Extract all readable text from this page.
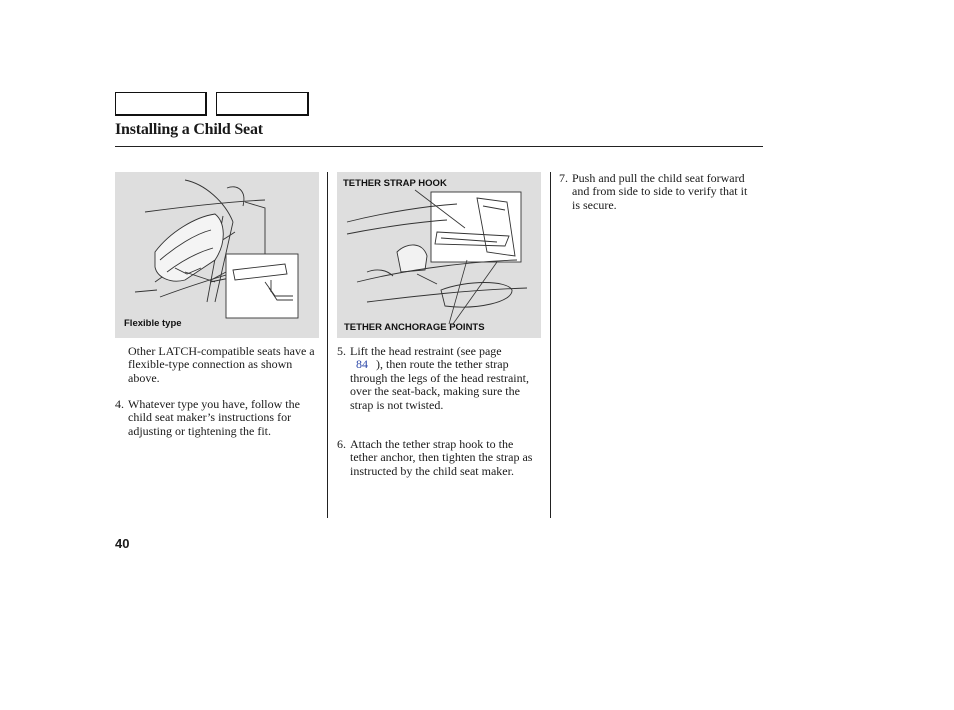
Installing a Child Seat
Flexible type
TETHER STRAP HOOK
TETHER ANCHORAGE POINTS
Other LATCH-compatible seats have a flexible-type connection as shown above.
4. Whatever type you have, follow the child seat maker’s instructions for adjusting or tightening the fit.
5. Lift the head restraint (see page
84 ), then route the tether strap through the legs of the head restraint, over the seat-back, making sure the strap is not twisted.
6. Attach the tether strap hook to the tether anchor, then tighten the strap as instructed by the child seat maker.
7. Push and pull the child seat forward and from side to side to verify that it is secure.
40
